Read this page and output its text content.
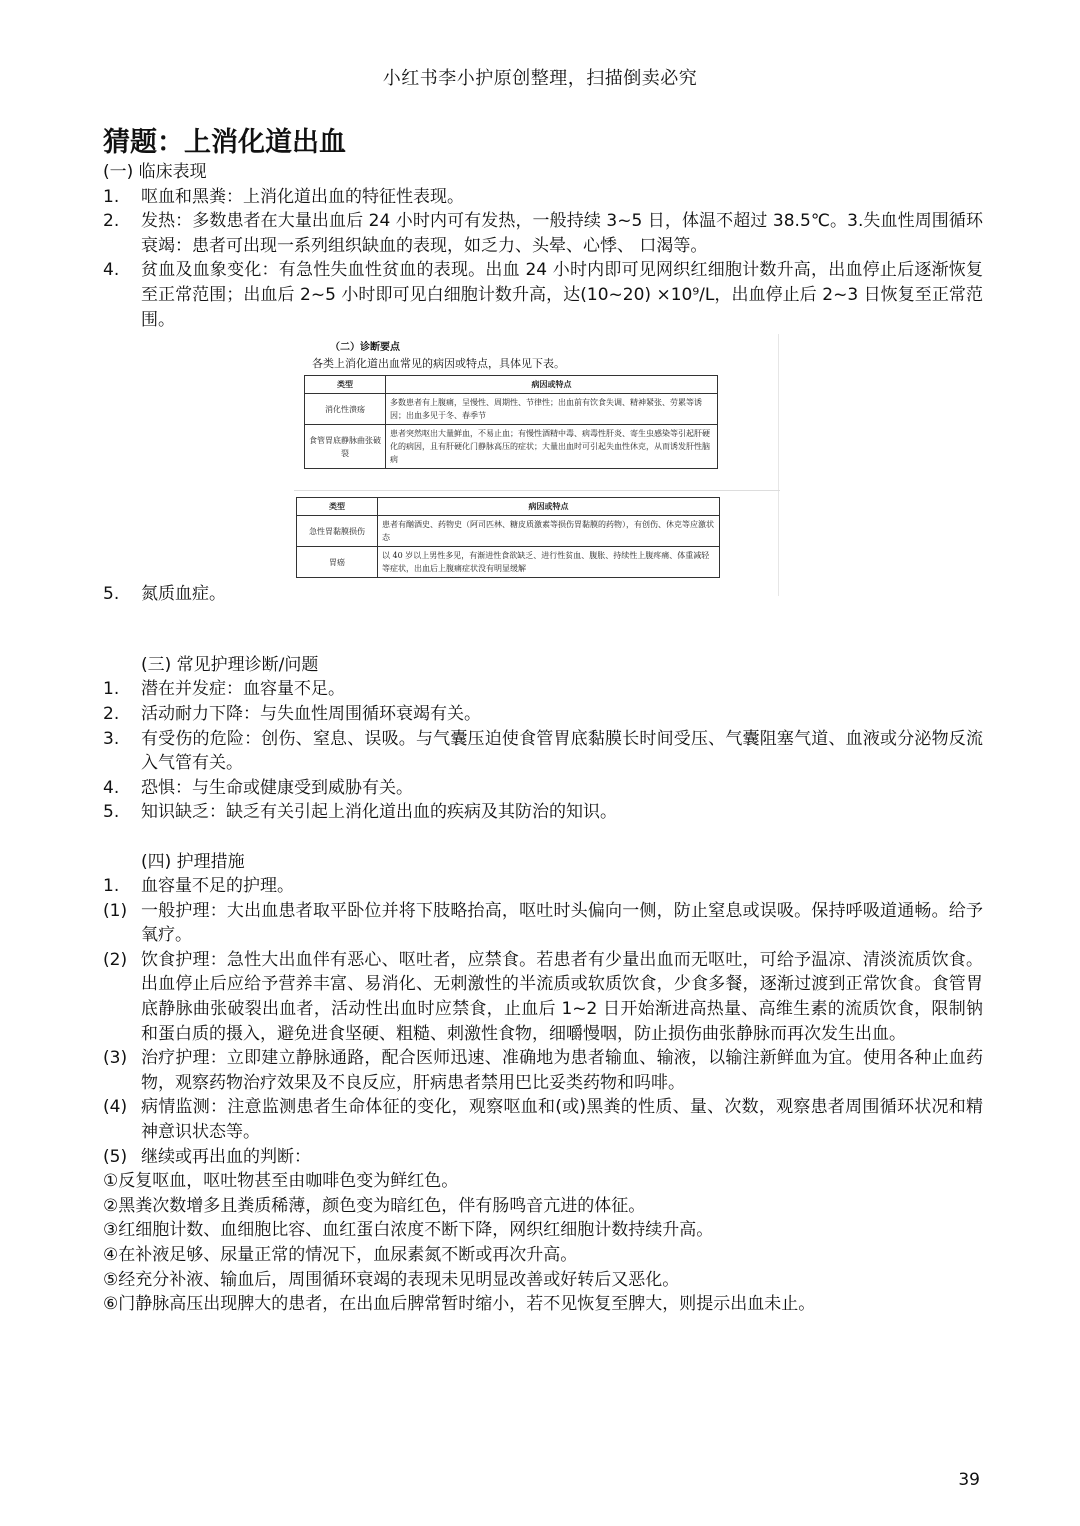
小红书李小护原创整理，扫描倒卖必究
猜题：上消化道出血
(一) 临床表现
1.	呕血和黑粪：上消化道出血的特征性表现。
2.	发热：多数患者在大量出血后 24 小时内可有发热，一般持续 3~5 日，体温不超过 38.5℃。3.失血性周围循环衰竭：患者可出现一系列组织缺血的表现，如乏力、头晕、心悸、 口渴等。
4.	贫血及血象变化：有急性失血性贫血的表现。出血 24 小时内即可见网织红细胞计数升高，出血停止后逐渐恢复至正常范围；出血后 2~5 小时即可见白细胞计数升高，达(10~20) ×10⁹/L，出血停止后 2~3 日恢复至正常范围。
5.	氮质血症。
(三) 常见护理诊断/问题
1.	潜在并发症：血容量不足。
2.	活动耐力下降：与失血性周围循环衰竭有关。
3.	有受伤的危险：创伤、窒息、误吸。与气囊压迫使食管胃底黏膜长时间受压、气囊阻塞气道、血液或分泌物反流入气管有关。
4.	恐惧：与生命或健康受到威胁有关。
5.	知识缺乏：缺乏有关引起上消化道出血的疾病及其防治的知识。
(四) 护理措施
1.	血容量不足的护理。
(1) 一般护理：大出血患者取平卧位并将下肢略抬高，呕吐时头偏向一侧，防止窒息或误吸。保持呼吸道通畅。给予氧疗。
(2) 饮食护理：急性大出血伴有恶心、呕吐者，应禁食。若患者有少量出血而无呕吐，可给予温凉、清淡流质饮食。出血停止后应给予营养丰富、易消化、无刺激性的半流质或软质饮食，少食多餐，逐渐过渡到正常饮食。食管胃底静脉曲张破裂出血者，活动性出血时应禁食，止血后 1~2 日开始渐进高热量、高维生素的流质饮食，限制钠和蛋白质的摄入，避免进食坚硬、粗糙、刺激性食物，细嚼慢咽，防止损伤曲张静脉而再次发生出血。
(3) 治疗护理：立即建立静脉通路，配合医师迅速、准确地为患者输血、输液，以输注新鲜血为宜。使用各种止血药物，观察药物治疗效果及不良反应，肝病患者禁用巴比妥类药物和吗啡。
(4) 病情监测：注意监测患者生命体征的变化，观察呕血和(或)黑粪的性质、量、次数，观察患者周围循环状况和精神意识状态等。
(5) 继续或再出血的判断：
①反复呕血，呕吐物甚至由咖啡色变为鲜红色。
②黑粪次数增多且粪质稀薄，颜色变为暗红色，伴有肠鸣音亢进的体征。
③红细胞计数、血细胞比容、血红蛋白浓度不断下降，网织红细胞计数持续升高。
④在补液足够、尿量正常的情况下，血尿素氮不断或再次升高。
⑤经充分补液、输血后，周围循环衰竭的表现未见明显改善或好转后又恶化。
⑥门静脉高压出现脾大的患者，在出血后脾常暂时缩小，若不见恢复至脾大，则提示出血未止。
（二）诊断要点
各类上消化道出血常见的病因或特点，具体见下表。
类型	病因或特点
消化性溃疡	多数患者有上腹痛，呈慢性、周期性、节律性；出血前有饮食失调、精神紧张、劳累等诱因；出血多见于冬、春季节
食管胃底静脉曲张破裂	患者突然呕出大量鲜血，不易止血；有慢性酒精中毒、病毒性肝炎、寄生虫感染等引起肝硬化的病因，且有肝硬化门静脉高压的症状；大量出血时可引起失血性休克，从而诱发肝性脑病
类型	病因或特点
急性胃黏膜损伤	患者有酗酒史、药物史（阿司匹林、糖皮质激素等损伤胃黏膜的药物），有创伤、休克等应激状态
胃癌	以 40 岁以上男性多见，有渐进性食欲缺乏、进行性贫血、腹胀、持续性上腹疼痛、体重减轻等症状，出血后上腹痛症状没有明显缓解
39
